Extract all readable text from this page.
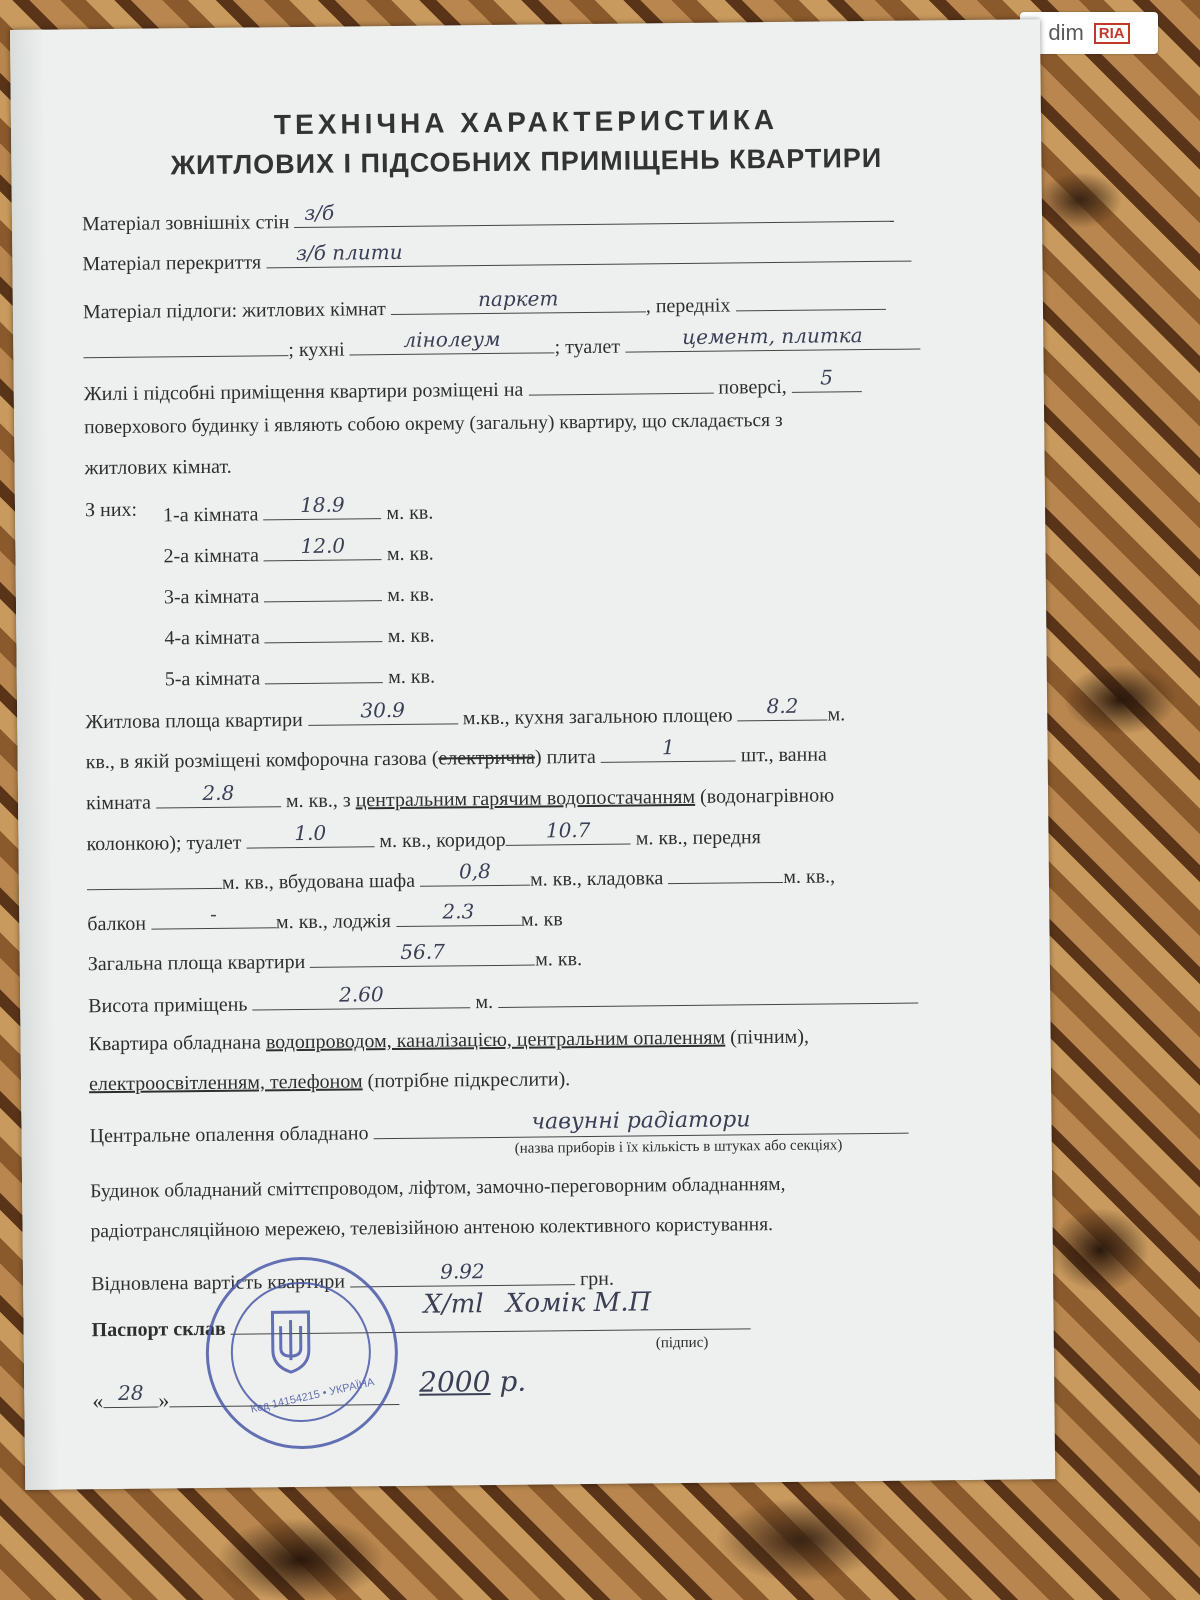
dim	RIA
ТЕХНІЧНА ХАРАКТЕРИСТИКА
ЖИТЛОВИХ І ПІДСОБНИХ ПРИМІЩЕНЬ КВАРТИРИ
Матеріал зовнішніх стін з/б
Матеріал перекриття з/б плити
Матеріал підлоги: житлових кімнат	паркет	, передніх
; кухні	лінолеум	; туалет	цемент, плитка
Жилі і підсобні приміщення квартири розміщені на	поверсі,	5
поверхового будинку і являють собою окрему (загальну) квартиру, що складається з
житлових кімнат.
З них: 1-а кімната	18.9	м. кв.
2-а кімната	12.0	м. кв.
3-а кімната	м. кв.
4-а кімната	м. кв.
5-а кімната	м. кв.
Житлова площа квартири	30.9	м.кв., кухня загальною площею	8.2	м.
кв., в якій розміщені комфорочна газова (електрична) плита	1	шт., ванна
кімната	2.8	м. кв., з центральним гарячим водопостачанням (водонагрівною
колонкою); туалет	1.0	м. кв., коридор	10.7	м. кв., передня
м. кв., вбудована шафа	0,8	м. кв., кладовка	м. кв.,
балкон	-	м. кв., лоджія	2.3	м. кв
Загальна площа квартири	56.7	м. кв.
Висота приміщень	2.60	м.
Квартира обладнана водопроводом, каналізацією, центральним опаленням (пічним),
електроосвітленням, телефоном (потрібне підкреслити).
Центральне опалення обладнано
чавунні радіатори
(назва приборів і їх кількість в штуках або секціях)
Будинок обладнаний сміттєпроводом, ліфтом, замочно-переговорним обладнанням,
радіотрансляційною мережею, телевізійною антеною колективного користування.
Відновлена вартість квартири	9.92	грн.
Паспорт склав
Х/ml Хомік М.П
(підпис)
« 28 »
2000 р.
Код 14154215 • УКРАЇНА
